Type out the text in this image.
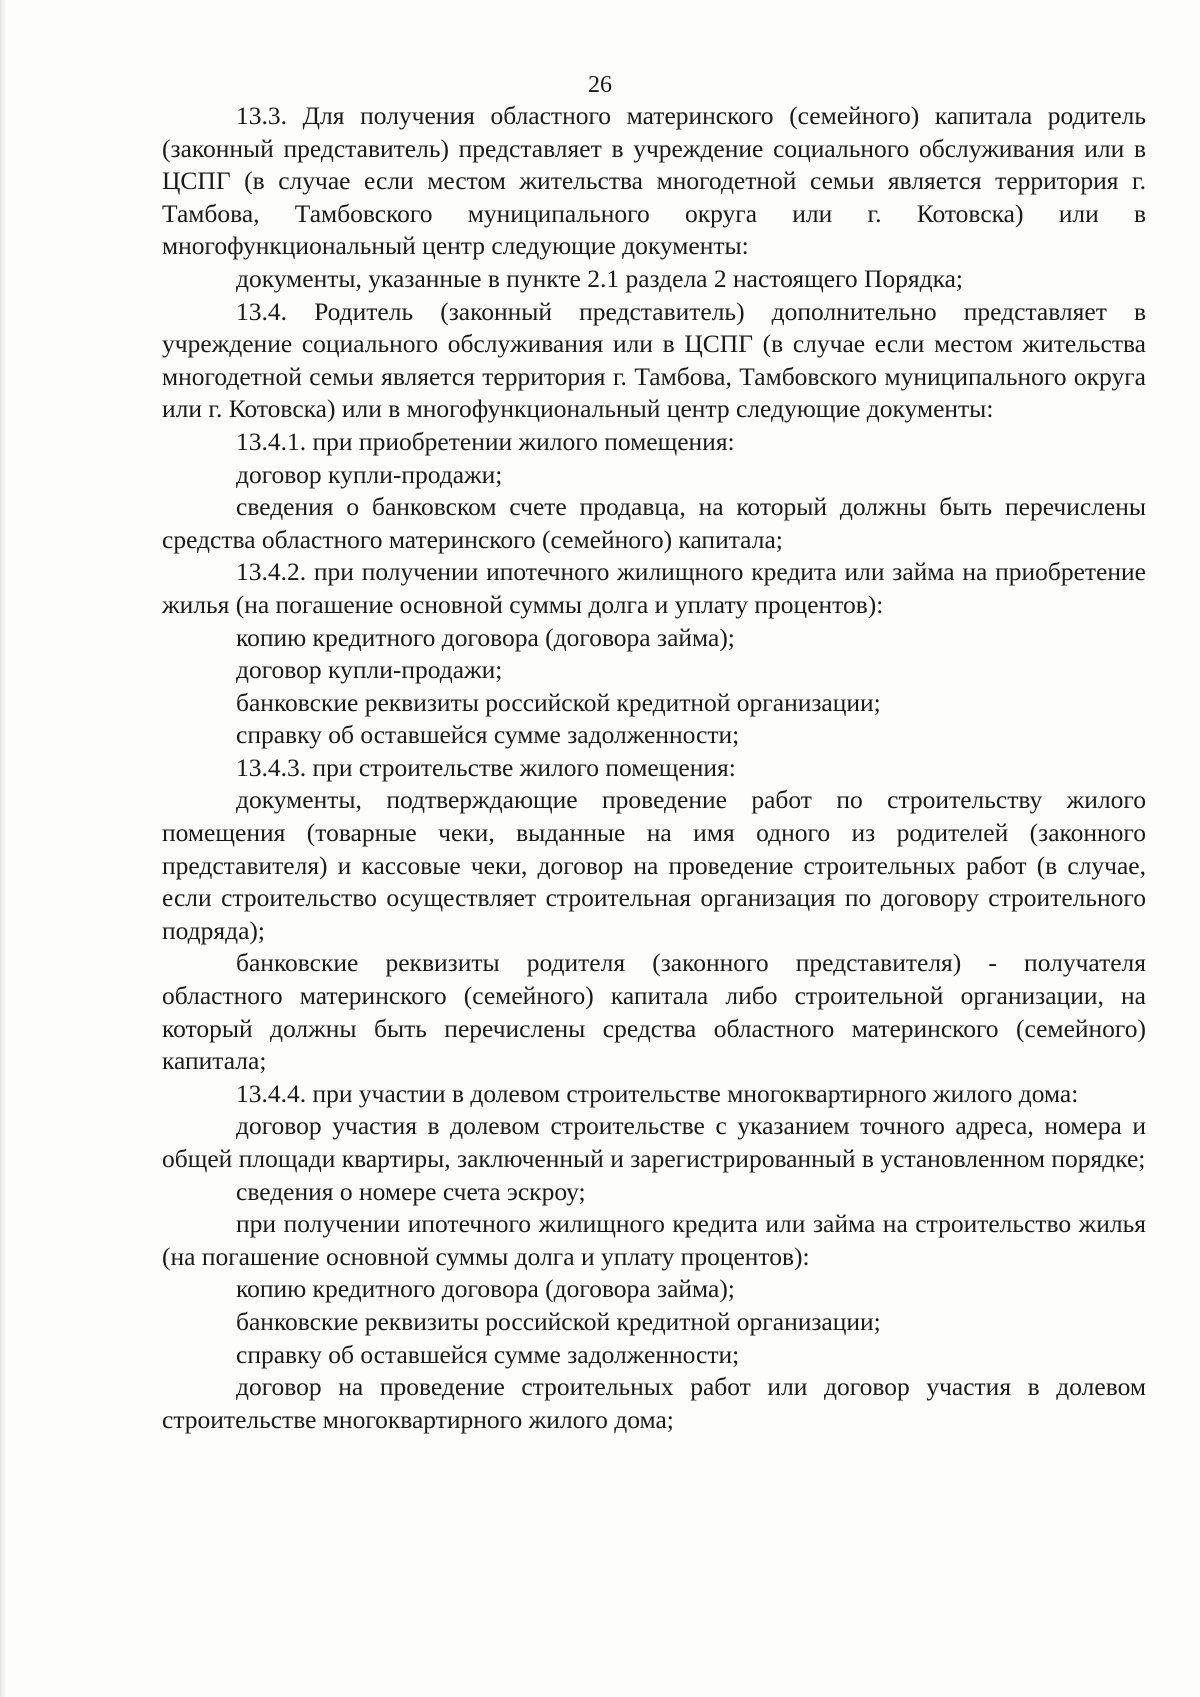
26

13.3. Для получения областного материнского (семейного) капитала родитель (законный представитель) представляет в учреждение социального обслуживания или в ЦСПГ (в случае если местом жительства многодетной семьи является территория г. Тамбова, Тамбовского муниципального округа или г. Котовска) или в многофункциональный центр следующие документы:

документы, указанные в пункте 2.1 раздела 2 настоящего Порядка;

13.4. Родитель (законный представитель) дополнительно представляет в учреждение социального обслуживания или в ЦСПГ (в случае если местом жительства многодетной семьи является территория г. Тамбова, Тамбовского муниципального округа или г. Котовска) или в многофункциональный центр следующие документы:

13.4.1. при приобретении жилого помещения:

договор купли-продажи;

сведения о банковском счете продавца, на который должны быть перечислены средства областного материнского (семейного) капитала;

13.4.2. при получении ипотечного жилищного кредита или займа на приобретение жилья (на погашение основной суммы долга и уплату процентов):

копию кредитного договора (договора займа);

договор купли-продажи;

банковские реквизиты российской кредитной организации;

справку об оставшейся сумме задолженности;

13.4.3. при строительстве жилого помещения:

документы, подтверждающие проведение работ по строительству жилого помещения (товарные чеки, выданные на имя одного из родителей (законного представителя) и кассовые чеки, договор на проведение строительных работ (в случае, если строительство осуществляет строительная организация по договору строительного подряда);

банковские реквизиты родителя (законного представителя) - получателя областного материнского (семейного) капитала либо строительной организации, на который должны быть перечислены средства областного материнского (семейного) капитала;

13.4.4. при участии в долевом строительстве многоквартирного жилого дома:

договор участия в долевом строительстве с указанием точного адреса, номера и общей площади квартиры, заключенный и зарегистрированный в установленном порядке;

сведения о номере счета эскроу;

при получении ипотечного жилищного кредита или займа на строительство жилья (на погашение основной суммы долга и уплату процентов):

копию кредитного договора (договора займа);

банковские реквизиты российской кредитной организации;

справку об оставшейся сумме задолженности;

договор на проведение строительных работ или договор участия в долевом строительстве многоквартирного жилого дома;
